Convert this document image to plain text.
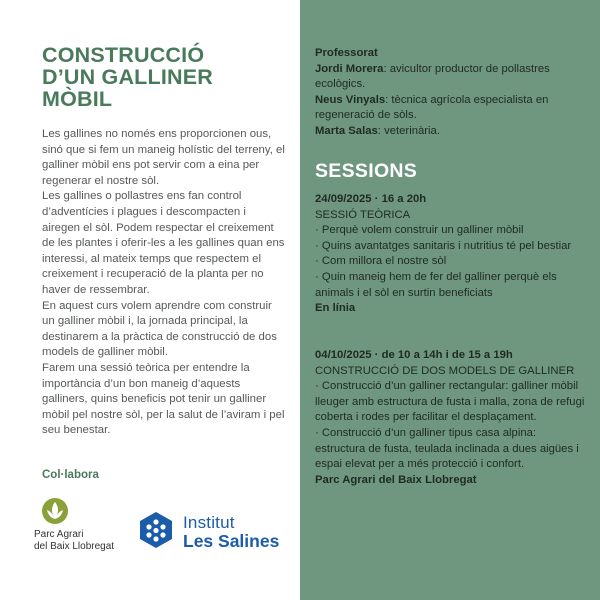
CONSTRUCCIÓ
D’UN GALLINER
MÒBIL

Les gallines no només ens proporcionen ous, sinó que si fem un maneig holístic del terreny, el galliner mòbil ens pot servir com a eina per regenerar el nostre sòl.

Les gallines o pollastres ens fan control d’adventícies i plagues i descompacten i airegen el sòl. Podem respectar el creixement de les plantes i oferir-les a les gallines quan ens interessi, al mateix temps que respectem el creixement i recuperació de la planta per no haver de ressembrar.

En aquest curs volem aprendre com construir un galliner mòbil i, la jornada principal, la destinarem a la pràctica de construcció de dos models de galliner mòbil.

Farem una sessió teòrica per entendre la importància d’un bon maneig d’aquests galliners, quins beneficis pot tenir un galliner mòbil pel nostre sòl, per la salut de l’aviram i pel seu benestar.

Col·labora
Parc Agrari
del Baix Llobregat
Institut
Les Salines

Professorat

Jordi Morera: avicultor productor de pollastres ecològics.

Neus Vinyals: tècnica agrícola especialista en regeneració de sòls.

Marta Salas: veterinària.

SESSIONS

24/09/2025 · 16 a 20h

SESSIÓ TEÒRICA

· Perquè volem construir un galliner mòbil

· Quins avantatges sanitaris i nutritius té pel bestiar

· Com millora el nostre sòl

· Quin maneig hem de fer del galliner perquè els animals i el sòl en surtin beneficiats

En línia

04/10/2025 · de 10 a 14h i de 15 a 19h

CONSTRUCCIÓ DE DOS MODELS DE GALLINER

· Construcció d’un galliner rectangular: galliner mòbil lleuger amb estructura de fusta i malla, zona de refugi coberta i rodes per facilitar el desplaçament.

· Construcció d’un galliner tipus casa alpina: estructura de fusta, teulada inclinada a dues aigües i espai elevat per a més protecció i confort.

Parc Agrari del Baix Llobregat
